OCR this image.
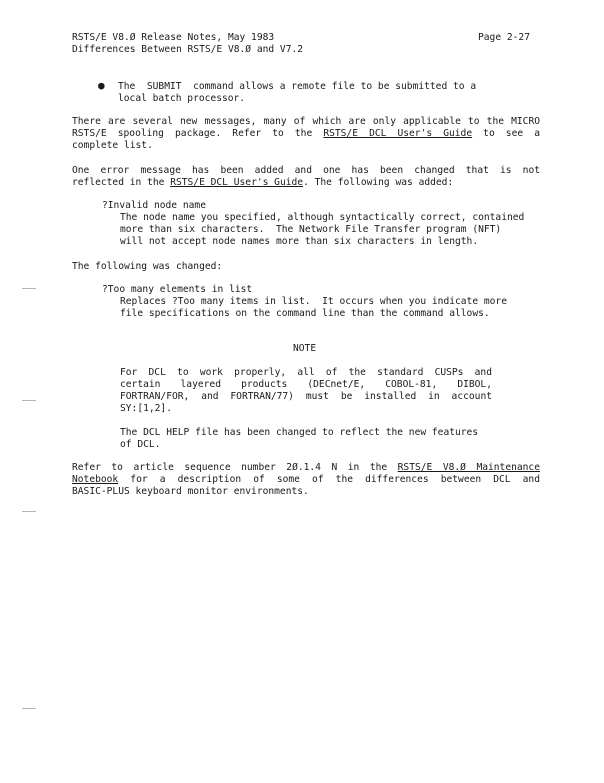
RSTS/E V8.Ø Release Notes, May 1983
Differences Between RSTS/E V8.Ø and V7.2
Page 2-27
● The  SUBMIT  command allows a remote file to be submitted to a
local batch processor.
There are several new messages, many of which are only applicable to the MICRO
RSTS/E spooling package. Refer to the RSTS/E DCL User's Guide to see a
complete list.
One error message has been added and one has been changed that is not
reflected in the RSTS/E DCL User's Guide. The following was added:
?Invalid node name
The node name you specified, although syntactically correct, contained
more than six characters.  The Network File Transfer program (NFT)
will not accept node names more than six characters in length.
The following was changed:
?Too many elements in list
Replaces ?Too many items in list.  It occurs when you indicate more
file specifications on the command line than the command allows.
NOTE
For DCL to work properly, all of the standard CUSPs and
certain layered products (DECnet/E, COBOL-81, DIBOL,
FORTRAN/FOR, and FORTRAN/77) must be installed in account
SY:[1,2].
The DCL HELP file has been changed to reflect the new features
of DCL.
Refer to article sequence number 2Ø.1.4 N in the RSTS/E V8.Ø Maintenance
Notebook for a description of some of the differences between DCL and
BASIC-PLUS keyboard monitor environments.
